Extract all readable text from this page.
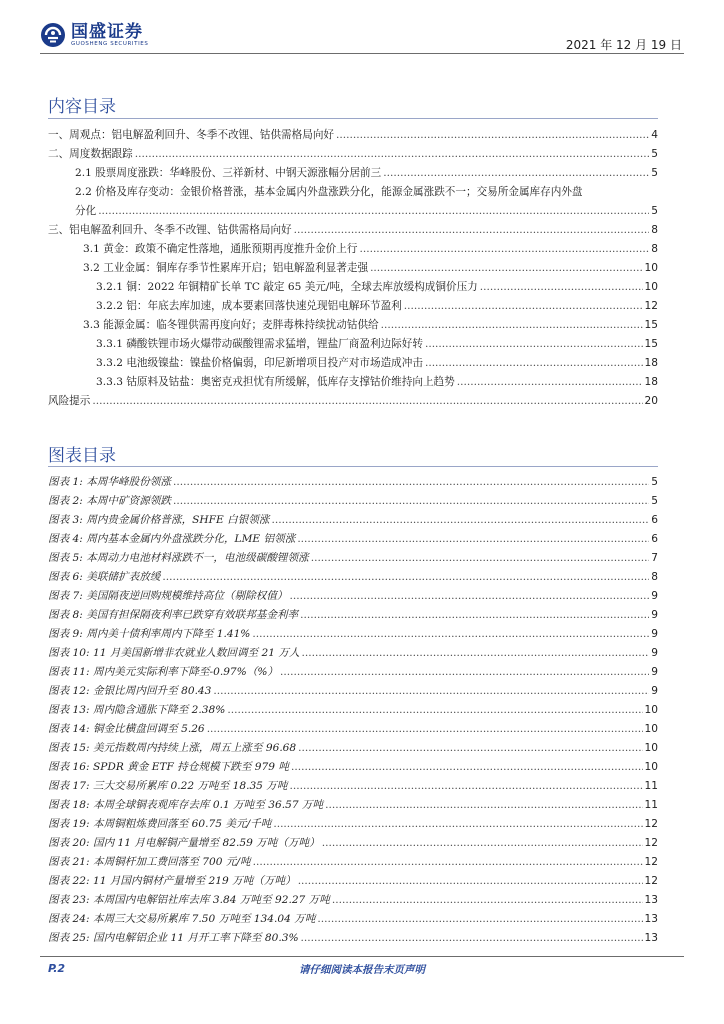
国盛证券
GUOSHENG SECURITIES	2021 年 12 月 19 日
内容目录
一、周观点：铝电解盈利回升、冬季不改锂、钴供需格局向好 .....	4
二、周度数据跟踪 .....	5
2.1 股票周度涨跌：华峰股份、三祥新材、中钢天源涨幅分居前三 .....	5
2.2 价格及库存变动：金银价格普涨，基本金属内外盘涨跌分化，能源金属涨跌不一；交易所金属库存内外盘
分化 .....	5
三、铝电解盈利回升、冬季不改锂、钴供需格局向好 .....	8
3.1 黄金：政策不确定性落地，通胀预期再度推升金价上行 .....	8
3.2 工业金属：铜库存季节性累库开启；铝电解盈利显著走强 .....	10
3.2.1 铜：2022 年铜精矿长单 TC 敲定 65 美元/吨，全球去库放缓构成铜价压力 .....	10
3.2.2 铝：年底去库加速，成本要素回落快速兑现铝电解环节盈利 .....	12
3.3 能源金属：临冬锂供需再度向好；麦胖毒株持续扰动钴供给 .....	15
3.3.1 磷酸铁锂市场火爆带动碳酸锂需求猛增，锂盐厂商盈利边际好转 .....	15
3.3.2 电池级镍盐：镍盐价格偏弱，印尼新增项目投产对市场造成冲击 .....	18
3.3.3 钴原料及钴盐：奥密克戎担忧有所缓解，低库存支撑钴价维持向上趋势 .....	18
风险提示 .....	20
图表目录
图表 1: 本周华峰股份领涨 .....	5
图表 2: 本周中矿资源领跌 .....	5
图表 3: 周内贵金属价格普涨，SHFE 白银领涨 .....	6
图表 4: 周内基本金属内外盘涨跌分化，LME 铝领涨 .....	6
图表 5: 本周动力电池材料涨跌不一，电池级碳酸锂领涨 .....	7
图表 6: 美联储扩表放缓 .....	8
图表 7: 美国隔夜逆回购规模维持高位（剔除权值） .....	9
图表 8: 美国有担保隔夜利率已跌穿有效联邦基金利率 .....	9
图表 9: 周内美十债利率周内下降至 1.41% .....	9
图表 10: 11 月美国新增非农就业人数回调至 21 万人 .....	9
图表 11: 周内美元实际利率下降至-0.97%（%） .....	9
图表 12: 金银比周内回升至 80.43 .....	9
图表 13: 周内隐含通胀下降至 2.38% .....	10
图表 14: 铜金比横盘回调至 5.26 .....	10
图表 15: 美元指数周内持续上涨，周五上涨至 96.68 .....	10
图表 16: SPDR 黄金 ETF 持仓规模下跌至 979 吨 .....	10
图表 17: 三大交易所累库 0.22 万吨至 18.35 万吨 .....	11
图表 18: 本周全球铜表观库存去库 0.1 万吨至 36.57 万吨 .....	11
图表 19: 本周铜粗炼费回落至 60.75 美元/千吨 .....	12
图表 20: 国内 11 月电解铜产量增至 82.59 万吨（万吨） .....	12
图表 21: 本周铜杆加工费回落至 700 元/吨 .....	12
图表 22: 11 月国内铜材产量增至 219 万吨（万吨） .....	12
图表 23: 本周国内电解铝社库去库 3.84 万吨至 92.27 万吨 .....	13
图表 24: 本周三大交易所累库 7.50 万吨至 134.04 万吨 .....	13
图表 25: 国内电解铝企业 11 月开工率下降至 80.3% .....	13
P.2	请仔细阅读本报告末页声明
